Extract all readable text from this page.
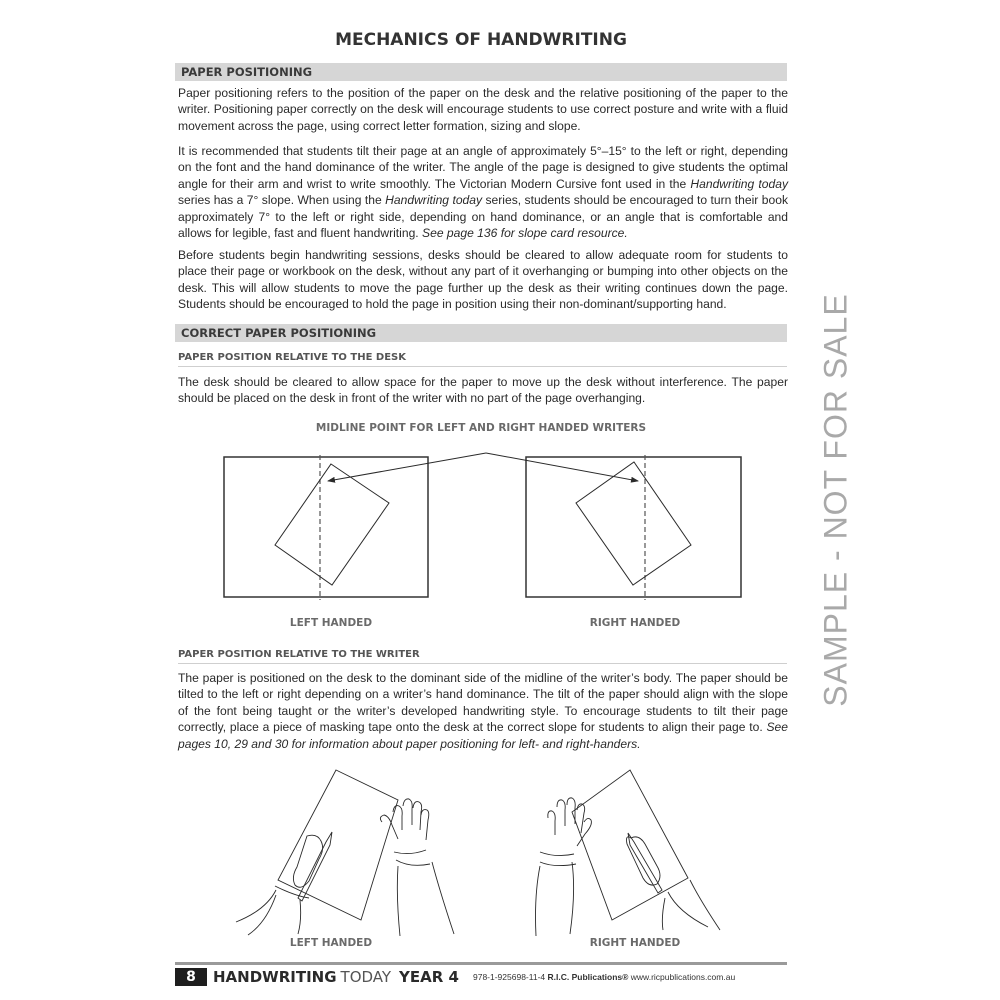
MECHANICS OF HANDWRITING
PAPER POSITIONING

Paper positioning refers to the position of the paper on the desk and the relative positioning of the paper to the writer. Positioning paper correctly on the desk will encourage students to use correct posture and write with a fluid movement across the page, using correct letter formation, sizing and slope.

It is recommended that students tilt their page at an angle of approximately 5°–15° to the left or right, depending on the font and the hand dominance of the writer. The angle of the page is designed to give students the optimal angle for their arm and wrist to write smoothly. The Victorian Modern Cursive font used in the Handwriting today series has a 7° slope. When using the Handwriting today series, students should be encouraged to turn their book approximately 7° to the left or right side, depending on hand dominance, or an angle that is comfortable and allows for legible, fast and fluent handwriting. See page 136 for slope card resource.

Before students begin handwriting sessions, desks should be cleared to allow adequate room for students to place their page or workbook on the desk, without any part of it overhanging or bumping into other objects on the desk. This will allow students to move the page further up the desk as their writing continues down the page. Students should be encouraged to hold the page in position using their non-dominant/supporting hand.

CORRECT PAPER POSITIONING
PAPER POSITION RELATIVE TO THE DESK

The desk should be cleared to allow space for the paper to move up the desk without interference. The paper should be placed on the desk in front of the writer with no part of the page overhanging.

MIDLINE POINT FOR LEFT AND RIGHT HANDED WRITERS
LEFT HANDED	RIGHT HANDED
PAPER POSITION RELATIVE TO THE WRITER

The paper is positioned on the desk to the dominant side of the midline of the writer’s body. The paper should be tilted to the left or right depending on a writer’s hand dominance. The tilt of the paper should align with the slope of the font being taught or the writer’s developed handwriting style. To encourage students to tilt their page correctly, place a piece of masking tape onto the desk at the correct slope for students to align their page to. See pages 10, 29 and 30 for information about paper positioning for left- and right-handers.

LEFT HANDED	RIGHT HANDED
SAMPLE - NOT FOR SALE
8	HANDWRITING TODAY YEAR 4 978-1-925698-11-4 R.I.C. Publications® www.ricpublications.com.au
